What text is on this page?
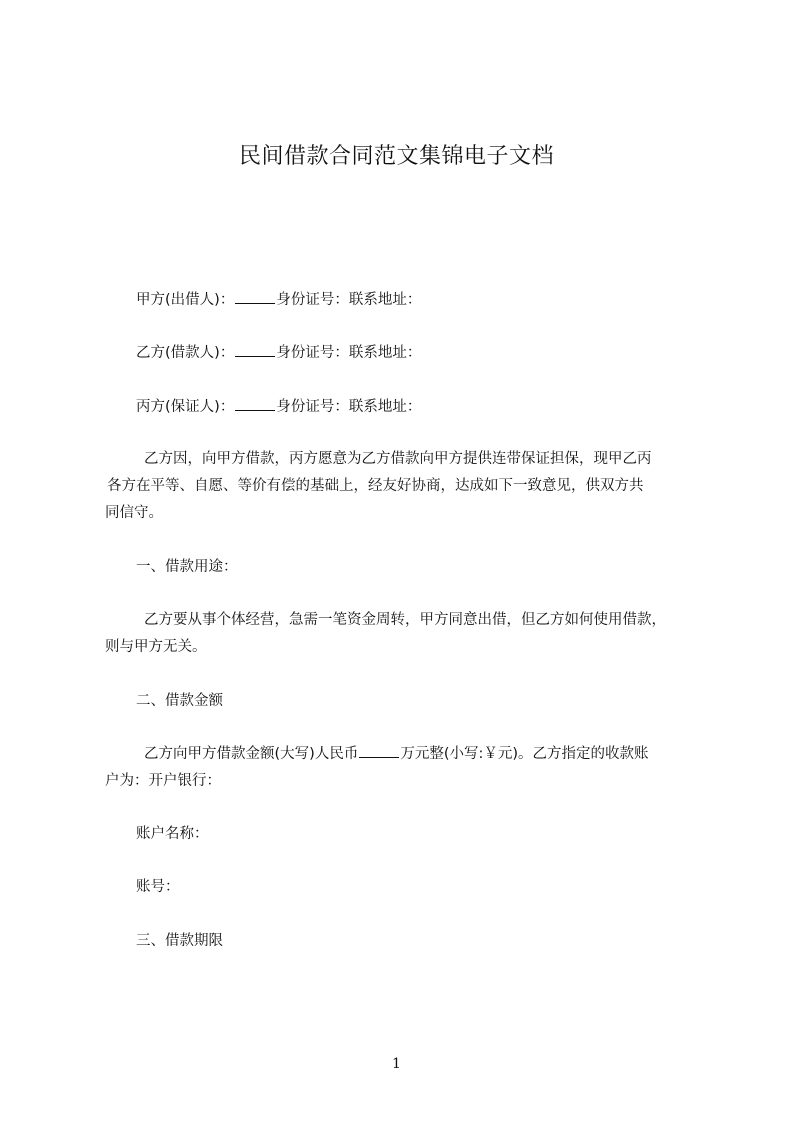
民间借款合同范文集锦电子文档

甲方(出借人)：	身份证号：联系地址：

乙方(借款人)：	身份证号：联系地址：

丙方(保证人)：	身份证号：联系地址：

乙方因，向甲方借款，丙方愿意为乙方借款向甲方提供连带保证担保，现甲乙丙
各方在平等、自愿、等价有偿的基础上，经友好协商，达成如下一致意见，供双方共
同信守。

一、借款用途：

乙方要从事个体经营，急需一笔资金周转，甲方同意出借，但乙方如何使用借款，
则与甲方无关。

二、借款金额

乙方向甲方借款金额(大写)人民币	万元整(小写:￥元)。乙方指定的收款账
户为：开户银行：

账户名称：

账号：

三、借款期限

1
